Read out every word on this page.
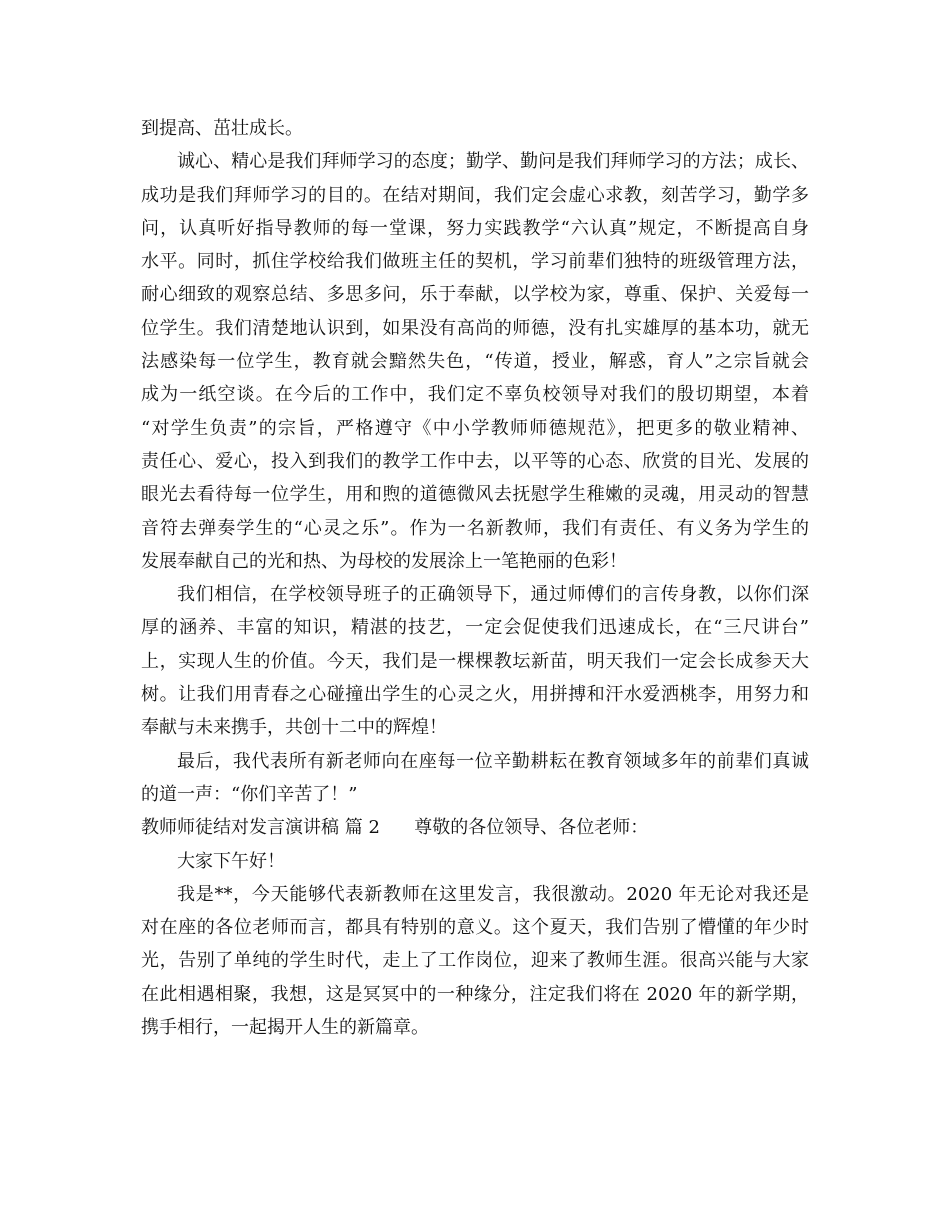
到提高、茁壮成长。
诚心、精心是我们拜师学习的态度；勤学、勤问是我们拜师学习的方法；成长、
成功是我们拜师学习的目的。在结对期间，我们定会虚心求教，刻苦学习，勤学多
问，认真听好指导教师的每一堂课，努力实践教学“六认真”规定，不断提高自身
水平。同时，抓住学校给我们做班主任的契机，学习前辈们独特的班级管理方法，
耐心细致的观察总结、多思多问，乐于奉献，以学校为家，尊重、保护、关爱每一
位学生。我们清楚地认识到，如果没有高尚的师德，没有扎实雄厚的基本功，就无
法感染每一位学生，教育就会黯然失色，“传道，授业，解惑，育人”之宗旨就会
成为一纸空谈。在今后的工作中，我们定不辜负校领导对我们的殷切期望，本着
“对学生负责”的宗旨，严格遵守《中小学教师师德规范》，把更多的敬业精神、
责任心、爱心，投入到我们的教学工作中去，以平等的心态、欣赏的目光、发展的
眼光去看待每一位学生，用和煦的道德微风去抚慰学生稚嫩的灵魂，用灵动的智慧
音符去弹奏学生的“心灵之乐”。作为一名新教师，我们有责任、有义务为学生的
发展奉献自己的光和热、为母校的发展涂上一笔艳丽的色彩！
我们相信，在学校领导班子的正确领导下，通过师傅们的言传身教，以你们深
厚的涵养、丰富的知识，精湛的技艺，一定会促使我们迅速成长，在“三尺讲台”
上，实现人生的价值。今天，我们是一棵棵教坛新苗，明天我们一定会长成参天大
树。让我们用青春之心碰撞出学生的心灵之火，用拼搏和汗水爱洒桃李，用努力和
奉献与未来携手，共创十二中的辉煌！
最后，我代表所有新老师向在座每一位辛勤耕耘在教育领域多年的前辈们真诚
的道一声：“你们辛苦了！”
教师师徒结对发言演讲稿 篇 2      尊敬的各位领导、各位老师：
大家下午好！
我是**，今天能够代表新教师在这里发言，我很激动。2020 年无论对我还是
对在座的各位老师而言，都具有特别的意义。这个夏天，我们告别了懵懂的年少时
光，告别了单纯的学生时代，走上了工作岗位，迎来了教师生涯。很高兴能与大家
在此相遇相聚，我想，这是冥冥中的一种缘分，注定我们将在 2020 年的新学期，
携手相行，一起揭开人生的新篇章。
